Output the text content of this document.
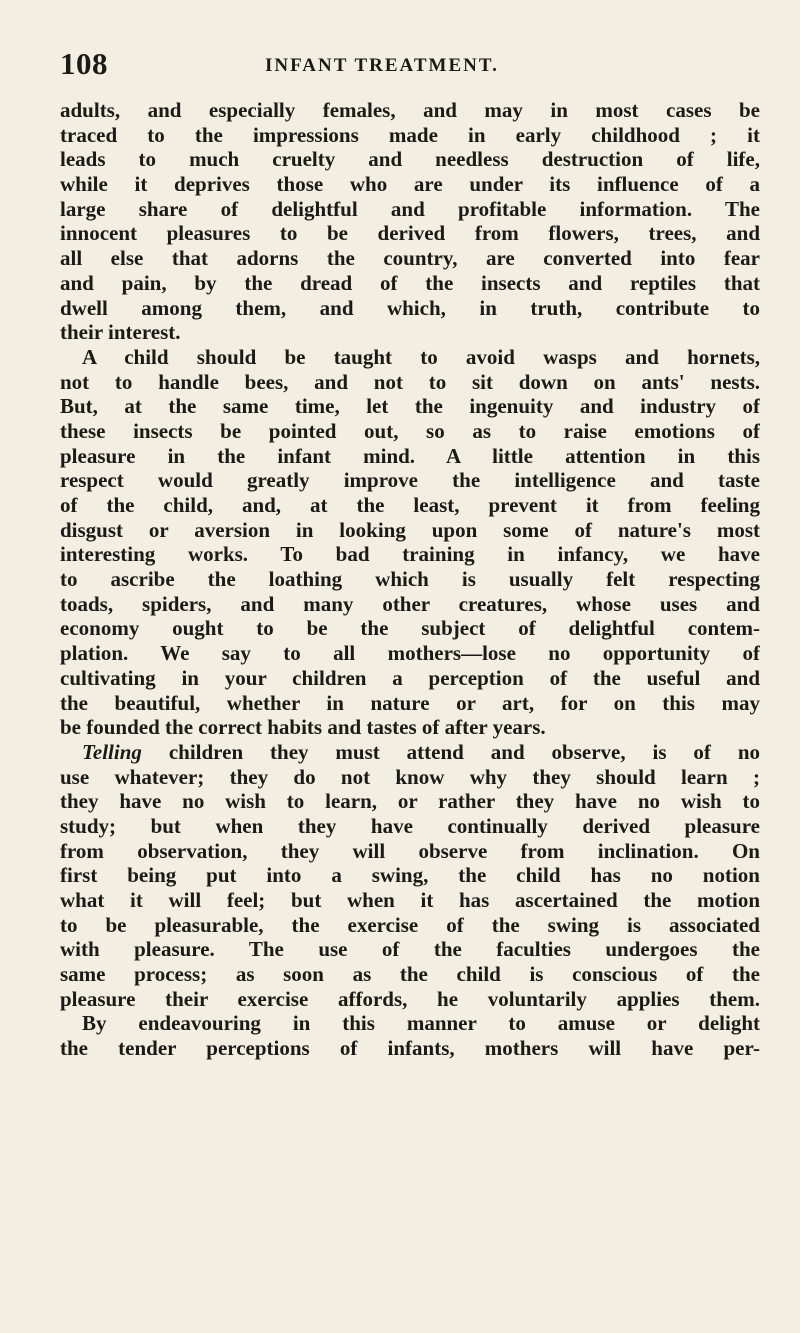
108	INFANT TREATMENT.
adults, and especially females, and may in most cases be
traced to the impressions made in early childhood ; it
leads to much cruelty and needless destruction of life,
while it deprives those who are under its influence of a
large share of delightful and profitable information. The
innocent pleasures to be derived from flowers, trees, and
all else that adorns the country, are converted into fear
and pain, by the dread of the insects and reptiles that
dwell among them, and which, in truth, contribute to
their interest.
A child should be taught to avoid wasps and hornets,
not to handle bees, and not to sit down on ants' nests.
But, at the same time, let the ingenuity and industry of
these insects be pointed out, so as to raise emotions of
pleasure in the infant mind. A little attention in this
respect would greatly improve the intelligence and taste
of the child, and, at the least, prevent it from feeling
disgust or aversion in looking upon some of nature's most
interesting works. To bad training in infancy, we have
to ascribe the loathing which is usually felt respecting
toads, spiders, and many other creatures, whose uses and
economy ought to be the subject of delightful contem-
plation. We say to all mothers—lose no opportunity of
cultivating in your children a perception of the useful and
the beautiful, whether in nature or art, for on this may
be founded the correct habits and tastes of after years.
Telling children they must attend and observe, is of no
use whatever; they do not know why they should learn ;
they have no wish to learn, or rather they have no wish to
study; but when they have continually derived pleasure
from observation, they will observe from inclination. On
first being put into a swing, the child has no notion
what it will feel; but when it has ascertained the motion
to be pleasurable, the exercise of the swing is associated
with pleasure. The use of the faculties undergoes the
same process; as soon as the child is conscious of the
pleasure their exercise affords, he voluntarily applies them.
By endeavouring in this manner to amuse or delight
the tender perceptions of infants, mothers will have per-
